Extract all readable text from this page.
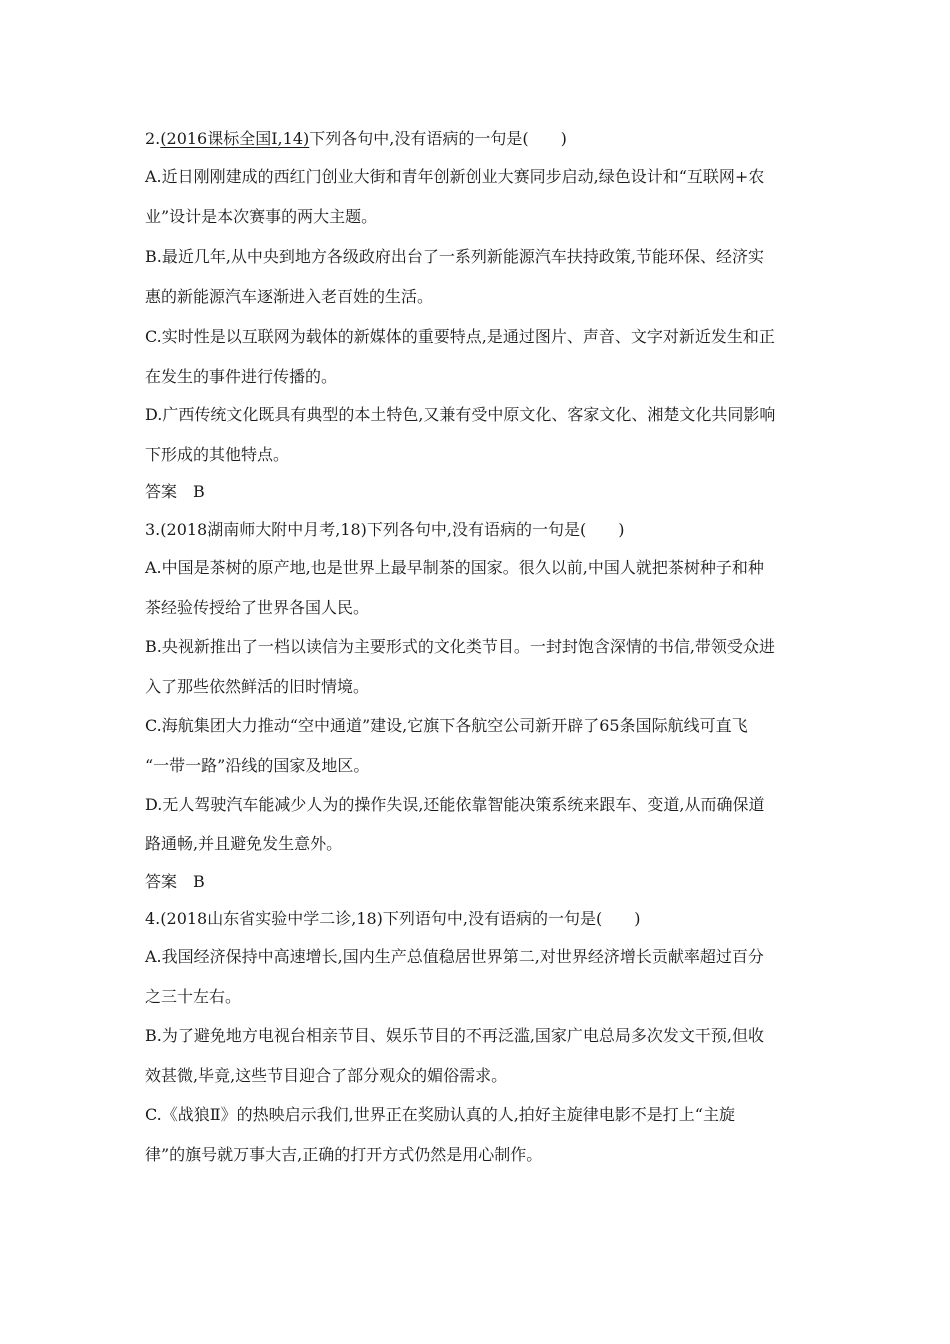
2.(2016课标全国Ⅰ,14)下列各句中,没有语病的一句是(　　)
A.近日刚刚建成的西红门创业大街和青年创新创业大赛同步启动,绿色设计和“互联网+农
业”设计是本次赛事的两大主题。
B.最近几年,从中央到地方各级政府出台了一系列新能源汽车扶持政策,节能环保、经济实
惠的新能源汽车逐渐进入老百姓的生活。
C.实时性是以互联网为载体的新媒体的重要特点,是通过图片、声音、文字对新近发生和正
在发生的事件进行传播的。
D.广西传统文化既具有典型的本土特色,又兼有受中原文化、客家文化、湘楚文化共同影响
下形成的其他特点。
答案 B
3.(2018湖南师大附中月考,18)下列各句中,没有语病的一句是(　　)
A.中国是茶树的原产地,也是世界上最早制茶的国家。很久以前,中国人就把茶树种子和种
茶经验传授给了世界各国人民。
B.央视新推出了一档以读信为主要形式的文化类节目。一封封饱含深情的书信,带领受众进
入了那些依然鲜活的旧时情境。
C.海航集团大力推动“空中通道”建设,它旗下各航空公司新开辟了65条国际航线可直飞
“一带一路”沿线的国家及地区。
D.无人驾驶汽车能减少人为的操作失误,还能依靠智能决策系统来跟车、变道,从而确保道
路通畅,并且避免发生意外。
答案 B
4.(2018山东省实验中学二诊,18)下列语句中,没有语病的一句是(　　)
A.我国经济保持中高速增长,国内生产总值稳居世界第二,对世界经济增长贡献率超过百分
之三十左右。
B.为了避免地方电视台相亲节目、娱乐节目的不再泛滥,国家广电总局多次发文干预,但收
效甚微,毕竟,这些节目迎合了部分观众的媚俗需求。
C.《战狼Ⅱ》的热映启示我们,世界正在奖励认真的人,拍好主旋律电影不是打上“主旋
律”的旗号就万事大吉,正确的打开方式仍然是用心制作。
